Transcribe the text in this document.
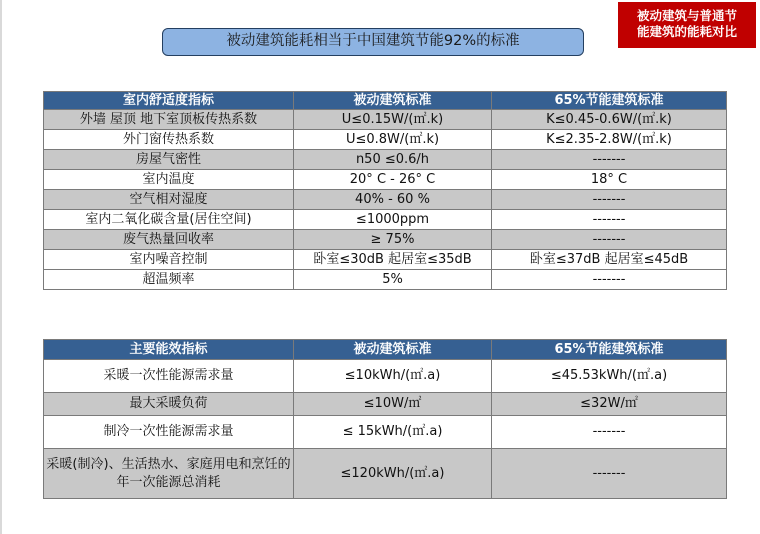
被动建筑与普通节
能建筑的能耗对比
被动建筑能耗相当于中国建筑节能92%的标准
室内舒适度指标	被动建筑标准	65%节能建筑标准
外墙 屋顶 地下室顶板传热系数	U≤0.15W/(㎡.k)	K≤0.45-0.6W/(㎡.k)
外门窗传热系数	U≤0.8W/(㎡.k)	K≤2.35-2.8W/(㎡.k)
房屋气密性	n50 ≤0.6/h	-------
室内温度	20° C - 26° C	18° C
空气相对湿度	40% - 60 %	-------
室内二氧化碳含量(居住空间)	≤1000ppm	-------
废气热量回收率	≥ 75%	-------
室内噪音控制	卧室≤30dB 起居室≤35dB	卧室≤37dB 起居室≤45dB
超温频率	5%	-------
主要能效指标	被动建筑标准	65%节能建筑标准
采暖一次性能源需求量	≤10kWh/(㎡.a)	≤45.53kWh/(㎡.a)
最大采暖负荷	≤10W/㎡	≤32W/㎡
制冷一次性能源需求量	≤ 15kWh/(㎡.a)	-------
采暖(制冷)、生活热水、家庭用电和烹饪的年一次能源总消耗	≤120kWh/(㎡.a)	-------
